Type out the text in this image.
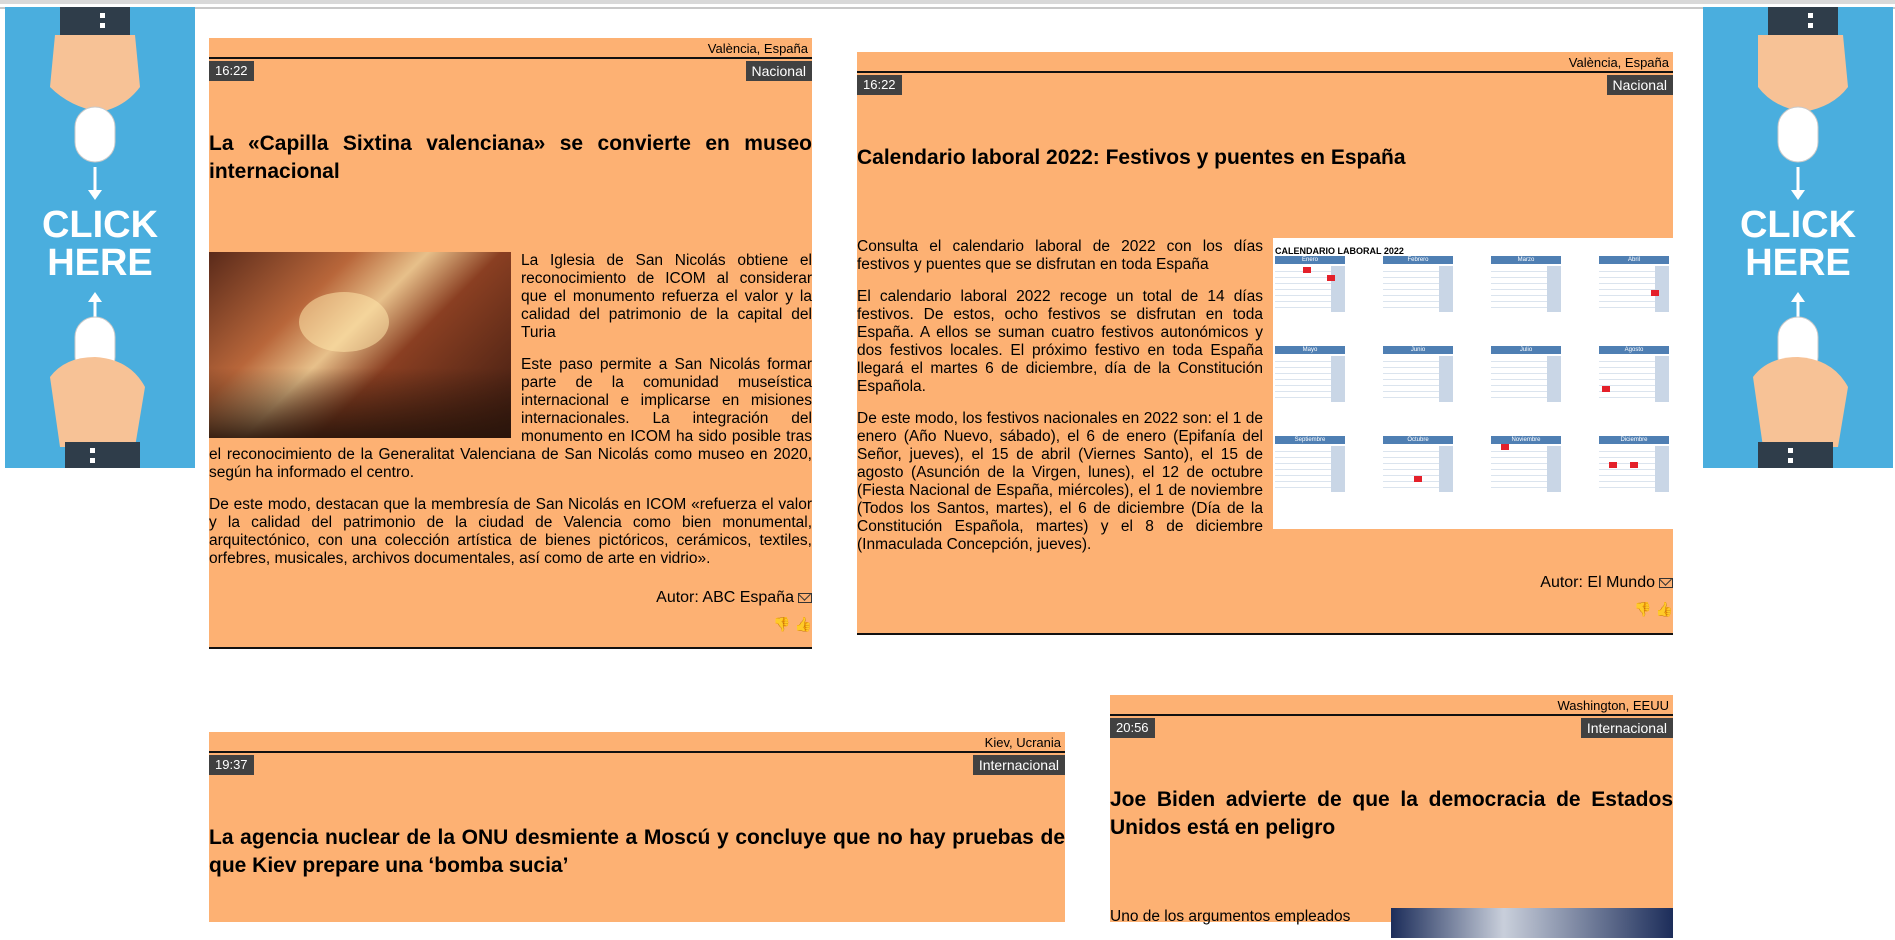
CLICK
HERE
CLICK
HERE
València, España
16:22	Nacional
La «Capilla Sixtina valenciana» se convierte en museo internacional

La Iglesia de San Nicolás obtiene el reconocimiento de ICOM al considerar que el monumento refuerza el valor y la calidad del patrimonio de la capital del Turia

Este paso permite a San Nicolás formar parte de la comunidad museística internacional e implicarse en misiones internacionales. La integración del monumento en ICOM ha sido posible tras el reconocimiento de la Generalitat Valenciana de San Nicolás como museo en 2020, según ha informado el centro.

De este modo, destacan que la membresía de San Nicolás en ICOM «refuerza el valor y la calidad del patrimonio de la ciudad de Valencia como bien monumental, arquitectónico, con una colección artística de bienes pictóricos, cerámicos, textiles, orfebres, musicales, archivos documentales, así como de arte en vidrio».

Autor: ABC España
👎 👍
València, España
16:22	Nacional
Calendario laboral 2022: Festivos y puentes en España
CALENDARIO LABORAL 2022
Enero	Febrero	Marzo	Abril
Mayo	Junio	Julio	Agosto
Septiembre	Octubre	Noviembre	Diciembre

Consulta el calendario laboral de 2022 con los días festivos y puentes que se disfrutan en toda España

El calendario laboral 2022 recoge un total de 14 días festivos. De estos, ocho festivos se disfrutan en toda España. A ellos se suman cuatro festivos autonómicos y dos festivos locales. El próximo festivo en toda España llegará el martes 6 de diciembre, día de la Constitución Española.

De este modo, los festivos nacionales en 2022 son: el 1 de enero (Año Nuevo, sábado), el 6 de enero (Epifanía del Señor, jueves), el 15 de abril (Viernes Santo), el 15 de agosto (Asunción de la Virgen, lunes), el 12 de octubre (Fiesta Nacional de España, miércoles), el 1 de noviembre (Todos los Santos, martes), el 6 de diciembre (Día de la Constitución Española, martes) y el 8 de diciembre (Inmaculada Concepción, jueves).

Autor: El Mundo
👎 👍
Kiev, Ucrania
19:37	Internacional
La agencia nuclear de la ONU desmiente a Moscú y concluye que no hay pruebas de que Kiev prepare una ‘bomba sucia’
Washington, EEUU
20:56	Internacional
Joe Biden advierte de que la democracia de Estados Unidos está en peligro

Uno de los argumentos empleados
